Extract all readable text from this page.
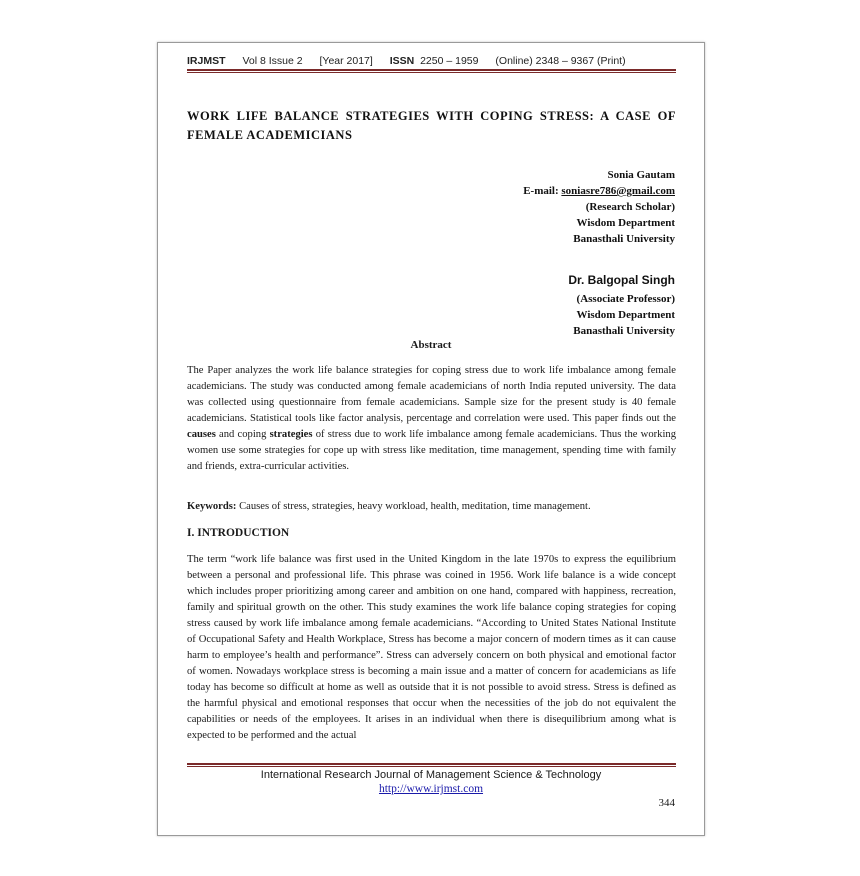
IRJMST Vol 8 Issue 2 [Year 2017] ISSN 2250 – 1959 (Online) 2348 – 9367 (Print)
WORK LIFE BALANCE STRATEGIES WITH COPING STRESS: A CASE OF FEMALE ACADEMICIANS
Sonia Gautam
E-mail: soniasre786@gmail.com
(Research Scholar)
Wisdom Department
Banasthali University
Dr. Balgopal Singh
(Associate Professor)
Wisdom Department
Banasthali University
Abstract
The Paper analyzes the work life balance strategies for coping stress due to work life imbalance among female academicians. The study was conducted among female academicians of north India reputed university. The data was collected using questionnaire from female academicians. Sample size for the present study is 40 female academicians. Statistical tools like factor analysis, percentage and correlation were used. This paper finds out the causes and coping strategies of stress due to work life imbalance among female academicians. Thus the working women use some strategies for cope up with stress like meditation, time management, spending time with family and friends, extra-curricular activities.
Keywords: Causes of stress, strategies, heavy workload, health, meditation, time management.
I. INTRODUCTION
The term “work life balance was first used in the United Kingdom in the late 1970s to express the equilibrium between a personal and professional life. This phrase was coined in 1956. Work life balance is a wide concept which includes proper prioritizing among career and ambition on one hand, compared with happiness, recreation, family and spiritual growth on the other. This study examines the work life balance coping strategies for coping stress caused by work life imbalance among female academicians. “According to United States National Institute of Occupational Safety and Health Workplace, Stress has become a major concern of modern times as it can cause harm to employee’s health and performance”. Stress can adversely concern on both physical and emotional factor of women. Nowadays workplace stress is becoming a main issue and a matter of concern for academicians as life today has become so difficult at home as well as outside that it is not possible to avoid stress. Stress is defined as the harmful physical and emotional responses that occur when the necessities of the job do not equivalent the capabilities or needs of the employees. It arises in an individual when there is disequilibrium among what is expected to be performed and the actual
International Research Journal of Management Science & Technology
http://www.irjmst.com
344
